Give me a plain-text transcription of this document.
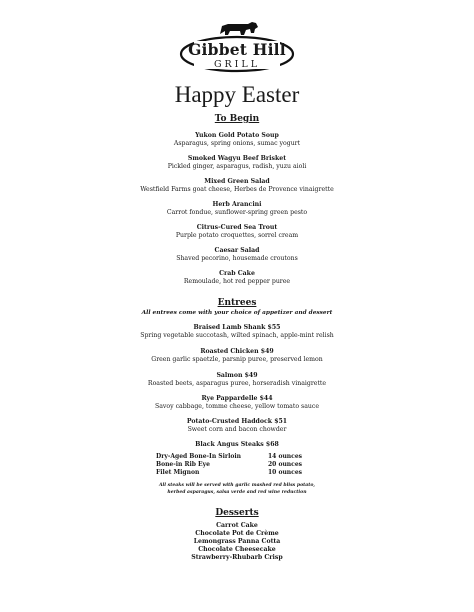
Gibbet Hill
GRILL
Happy Easter
To Begin
Yukon Gold Potato Soup
Asparagus, spring onions, sumac yogurt
Smoked Wagyu Beef Brisket
Pickled ginger, asparagus, radish, yuzu aioli
Mixed Green Salad
Westfield Farms goat cheese, Herbes de Provence vinaigrette
Herb Arancini
Carrot fondue, sunflower-spring green pesto
Citrus-Cured Sea Trout
Purple potato croquettes, sorrel cream
Caesar Salad
Shaved pecorino, housemade croutons
Crab Cake
Remoulade, hot red pepper puree
Entrees
All entrees come with your choice of appetizer and dessert
Braised Lamb Shank $55
Spring vegetable succotash, wilted spinach, apple-mint relish
Roasted Chicken $49
Green garlic spaetzle, parsnip puree, preserved lemon
Salmon $49
Roasted beets, asparagus puree, horseradish vinaigrette
Rye Pappardelle $44
Savoy cabbage, tomme cheese, yellow tomato sauce
Potato-Crusted Haddock $51
Sweet corn and bacon chowder
Black Angus Steaks $68
Dry-Aged Bone-In Sirloin	14 ounces
Bone-in Rib Eye	20 ounces
Filet Mignon	10 ounces
All steaks will be served with garlic mashed red bliss potato,
herbed asparagus, salsa verde and red wine reduction
Desserts
Carrot Cake
Chocolate Pot de Crème
Lemongrass Panna Cotta
Chocolate Cheesecake
Strawberry-Rhubarb Crisp
